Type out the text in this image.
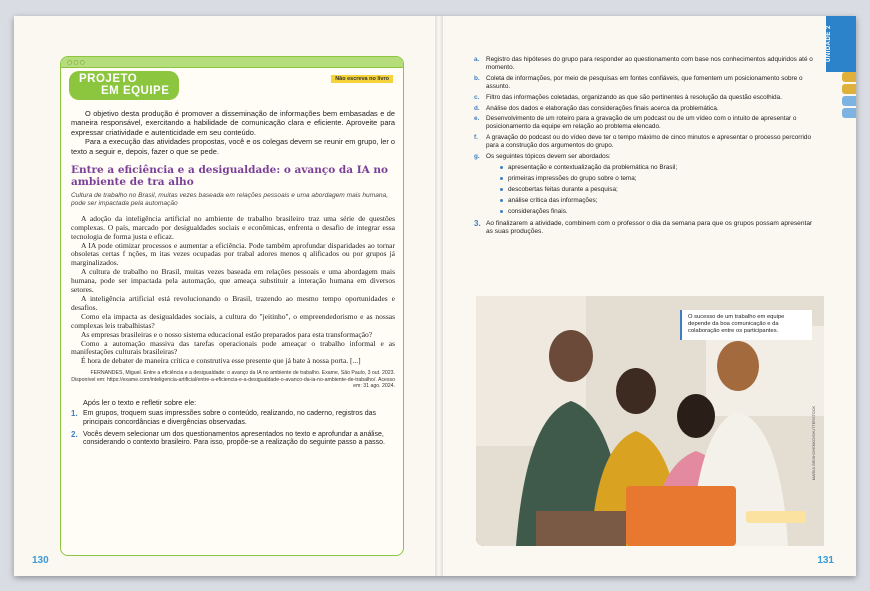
○○○
PROJETO
EM EQUIPE
Não escreva no livro

O objetivo desta produção é promover a disseminação de informações bem embasadas e de maneira responsável, exercitando a habilidade de comunicação clara e eficiente. Aproveite para expressar criatividade e autenticidade em seu conteúdo.

Para a execução das atividades propostas, você e os colegas devem se reunir em grupo, ler o texto a seguir e, depois, fazer o que se pede.

Entre a eficiência e a desigualdade: o avanço da IA no ambiente de tra alho

Cultura de trabalho no Brasil, muitas vezes baseada em relações pessoais e uma abordagem mais humana, pode ser impactada pela automação

A adoção da inteligência artificial no ambiente de trabalho brasileiro traz uma série de questões complexas. O país, marcado por desigualdades sociais e econômicas, enfrenta o desafio de integrar essa tecnologia de forma justa e eficaz.

A IA pode otimizar processos e aumentar a eficiência. Pode também aprofundar disparidades ao tornar obsoletas certas f nções, m itas vezes ocupadas por trabal adores menos q alificados ou por grupos já marginalizados.

A cultura de trabalho no Brasil, muitas vezes baseada em relações pessoais e uma abordagem mais humana, pode ser impactada pela automação, que ameaça substituir a interação humana em diversos setores.

A inteligência artificial está revolucionando o Brasil, trazendo ao mesmo tempo oportunidades e desafios.

Como ela impacta as desigualdades sociais, a cultura do "jeitinho", o empreendedorismo e as nossas complexas leis trabalhistas?

As empresas brasileiras e o nosso sistema educacional estão preparados para esta transformação?

Como a automação massiva das tarefas operacionais pode ameaçar o trabalho informal e as manifestações culturais brasileiras?

É hora de debater de maneira crítica e construtiva esse presente que já bate à nossa porta. [...]

FERNANDES, Miguel. Entre a eficiência e a desigualdade: o avanço da IA no ambiente de trabalho. Exame, São Paulo, 3 out. 2023. Disponível em: https://exame.com/inteligencia-artificial/entre-a-eficiencia-e-a-desigualdade-o-avanco-da-ia-no-ambiente-de-trabalho/. Acesso em: 31 ago. 2024.

Após ler o texto e refletir sobre ele:
1. Em grupos, troquem suas impressões sobre o conteúdo, realizando, no caderno, registros das principais concordâncias e divergências observadas.
2. Vocês devem selecionar um dos questionamentos apresentados no texto e aprofundar a análise, considerando o contexto brasileiro. Para isso, propõe-se a realização do seguinte passo a passo.
130
a.	Registro das hipóteses do grupo para responder ao questionamento com base nos conhecimentos adquiridos até o momento.
b. Coleta de informações, por meio de pesquisas em fontes confiáveis, que fomentem um posicionamento sobre o assunto.
c.	Filtro das informações coletadas, organizando as que são pertinentes à resolução da questão escolhida.
d. Análise dos dados e elaboração das considerações finais acerca da problemática.
e.	Desenvolvimento de um roteiro para a gravação de um podcast ou de um vídeo com o intuito de apresentar o posicionamento da equipe em relação ao problema elencado.
f.	A gravação do podcast ou do vídeo deve ter o tempo máximo de cinco minutos e apresentar o processo percorrido para a construção dos argumentos do grupo.
g. Os seguintes tópicos devem ser abordados:
apresentação e contextualização da problemática no Brasil;
primeiras impressões do grupo sobre o tema;
descobertas feitas durante a pesquisa;
análise crítica das informações;
considerações finais.
3. Ao finalizarem a atividade, combinem com o professor o dia da semana para que os grupos possam apresentar as suas produções.
O sucesso de um trabalho em equipe depende da boa comunicação e da colaboração entre os participantes.
MARIIA GRISHCHENKO/SHUTTERSTOCK
131
UNIDADE 2
